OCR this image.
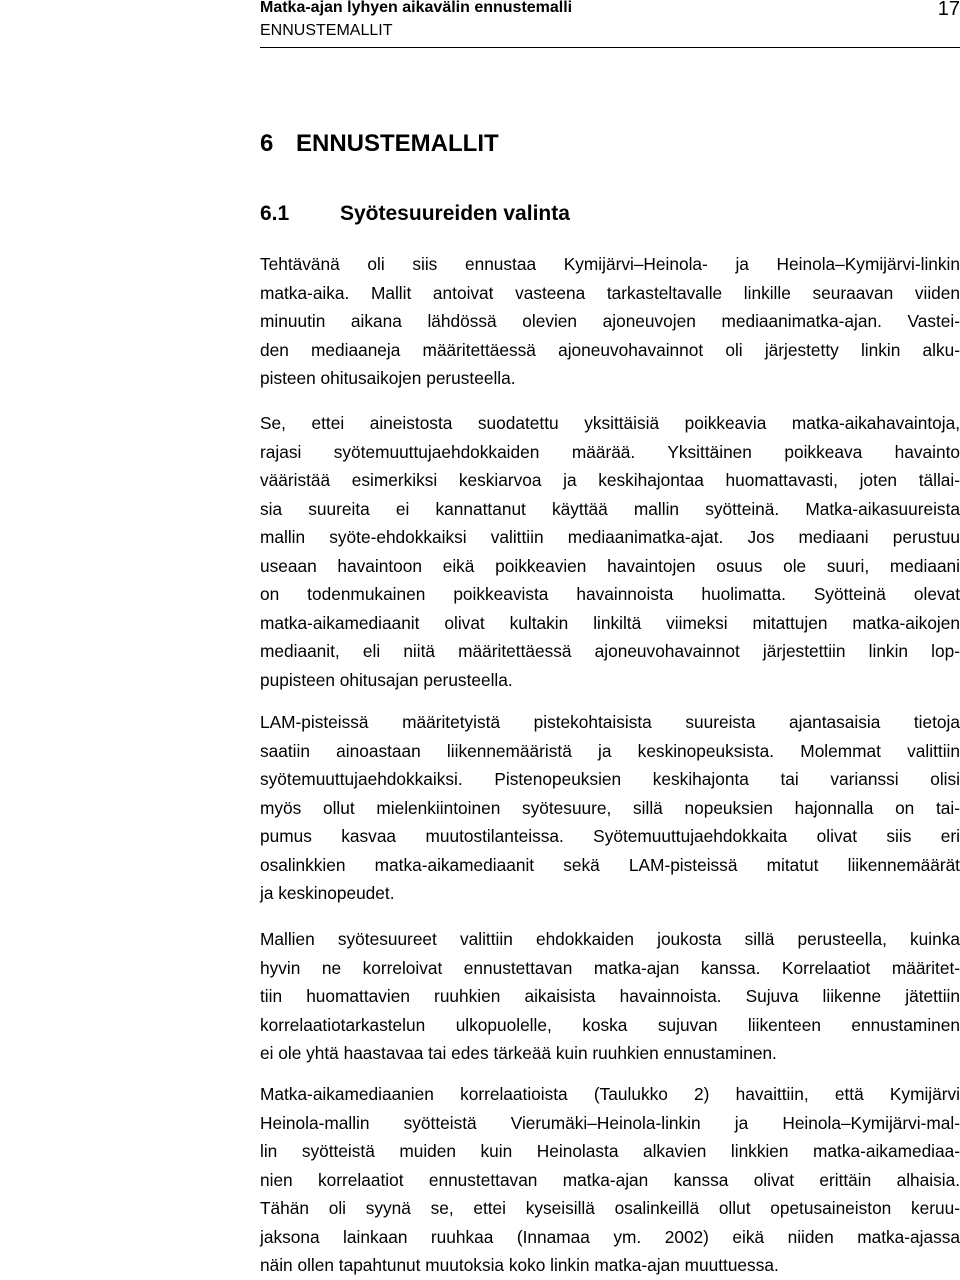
Matka-ajan lyhyen aikavälin ennustemalli
ENNUSTEMALLIT
17
6 ENNUSTEMALLIT
6.1 Syötesuureiden valinta
Tehtävänä oli siis ennustaa Kymijärvi–Heinola- ja Heinola–Kymijärvi-linkin
matka-aika. Mallit antoivat vasteena tarkasteltavalle linkille seuraavan viiden
minuutin aikana lähdössä olevien ajoneuvojen mediaanimatka-ajan. Vastei-
den mediaaneja määritettäessä ajoneuvohavainnot oli järjestetty linkin alku-
pisteen ohitusaikojen perusteella.
Se, ettei aineistosta suodatettu yksittäisiä poikkeavia matka-aikahavaintoja,
rajasi syötemuuttujaehdokkaiden määrää. Yksittäinen poikkeava havainto
vääristää esimerkiksi keskiarvoa ja keskihajontaa huomattavasti, joten tällai-
sia suureita ei kannattanut käyttää mallin syötteinä. Matka-aikasuureista
mallin syöte-ehdokkaiksi valittiin mediaanimatka-ajat. Jos mediaani perustuu
useaan havaintoon eikä poikkeavien havaintojen osuus ole suuri, mediaani
on todenmukainen poikkeavista havainnoista huolimatta. Syötteinä olevat
matka-aikamediaanit olivat kultakin linkiltä viimeksi mitattujen matka-aikojen
mediaanit, eli niitä määritettäessä ajoneuvohavainnot järjestettiin linkin lop-
pupisteen ohitusajan perusteella.
LAM-pisteissä määritetyistä pistekohtaisista suureista ajantasaisia tietoja
saatiin ainoastaan liikennemääristä ja keskinopeuksista. Molemmat valittiin
syötemuuttujaehdokkaiksi. Pistenopeuksien keskihajonta tai varianssi olisi
myös ollut mielenkiintoinen syötesuure, sillä nopeuksien hajonnalla on tai-
pumus kasvaa muutostilanteissa. Syötemuuttujaehdokkaita olivat siis eri
osalinkkien matka-aikamediaanit sekä LAM-pisteissä mitatut liikennemäärät
ja keskinopeudet.
Mallien syötesuureet valittiin ehdokkaiden joukosta sillä perusteella, kuinka
hyvin ne korreloivat ennustettavan matka-ajan kanssa. Korrelaatiot määritet-
tiin huomattavien ruuhkien aikaisista havainnoista. Sujuva liikenne jätettiin
korrelaatiotarkastelun ulkopuolelle, koska sujuvan liikenteen ennustaminen
ei ole yhtä haastavaa tai edes tärkeää kuin ruuhkien ennustaminen.
Matka-aikamediaanien korrelaatioista (Taulukko 2) havaittiin, että Kymijärvi
Heinola-mallin syötteistä Vierumäki–Heinola-linkin ja Heinola–Kymijärvi-mal-
lin syötteistä muiden kuin Heinolasta alkavien linkkien matka-aikamediaa-
nien korrelaatiot ennustettavan matka-ajan kanssa olivat erittäin alhaisia.
Tähän oli syynä se, ettei kyseisillä osalinkeillä ollut opetusaineiston keruu-
jaksona lainkaan ruuhkaa (Innamaa ym. 2002) eikä niiden matka-ajassa
näin ollen tapahtunut muutoksia koko linkin matka-ajan muuttuessa.
